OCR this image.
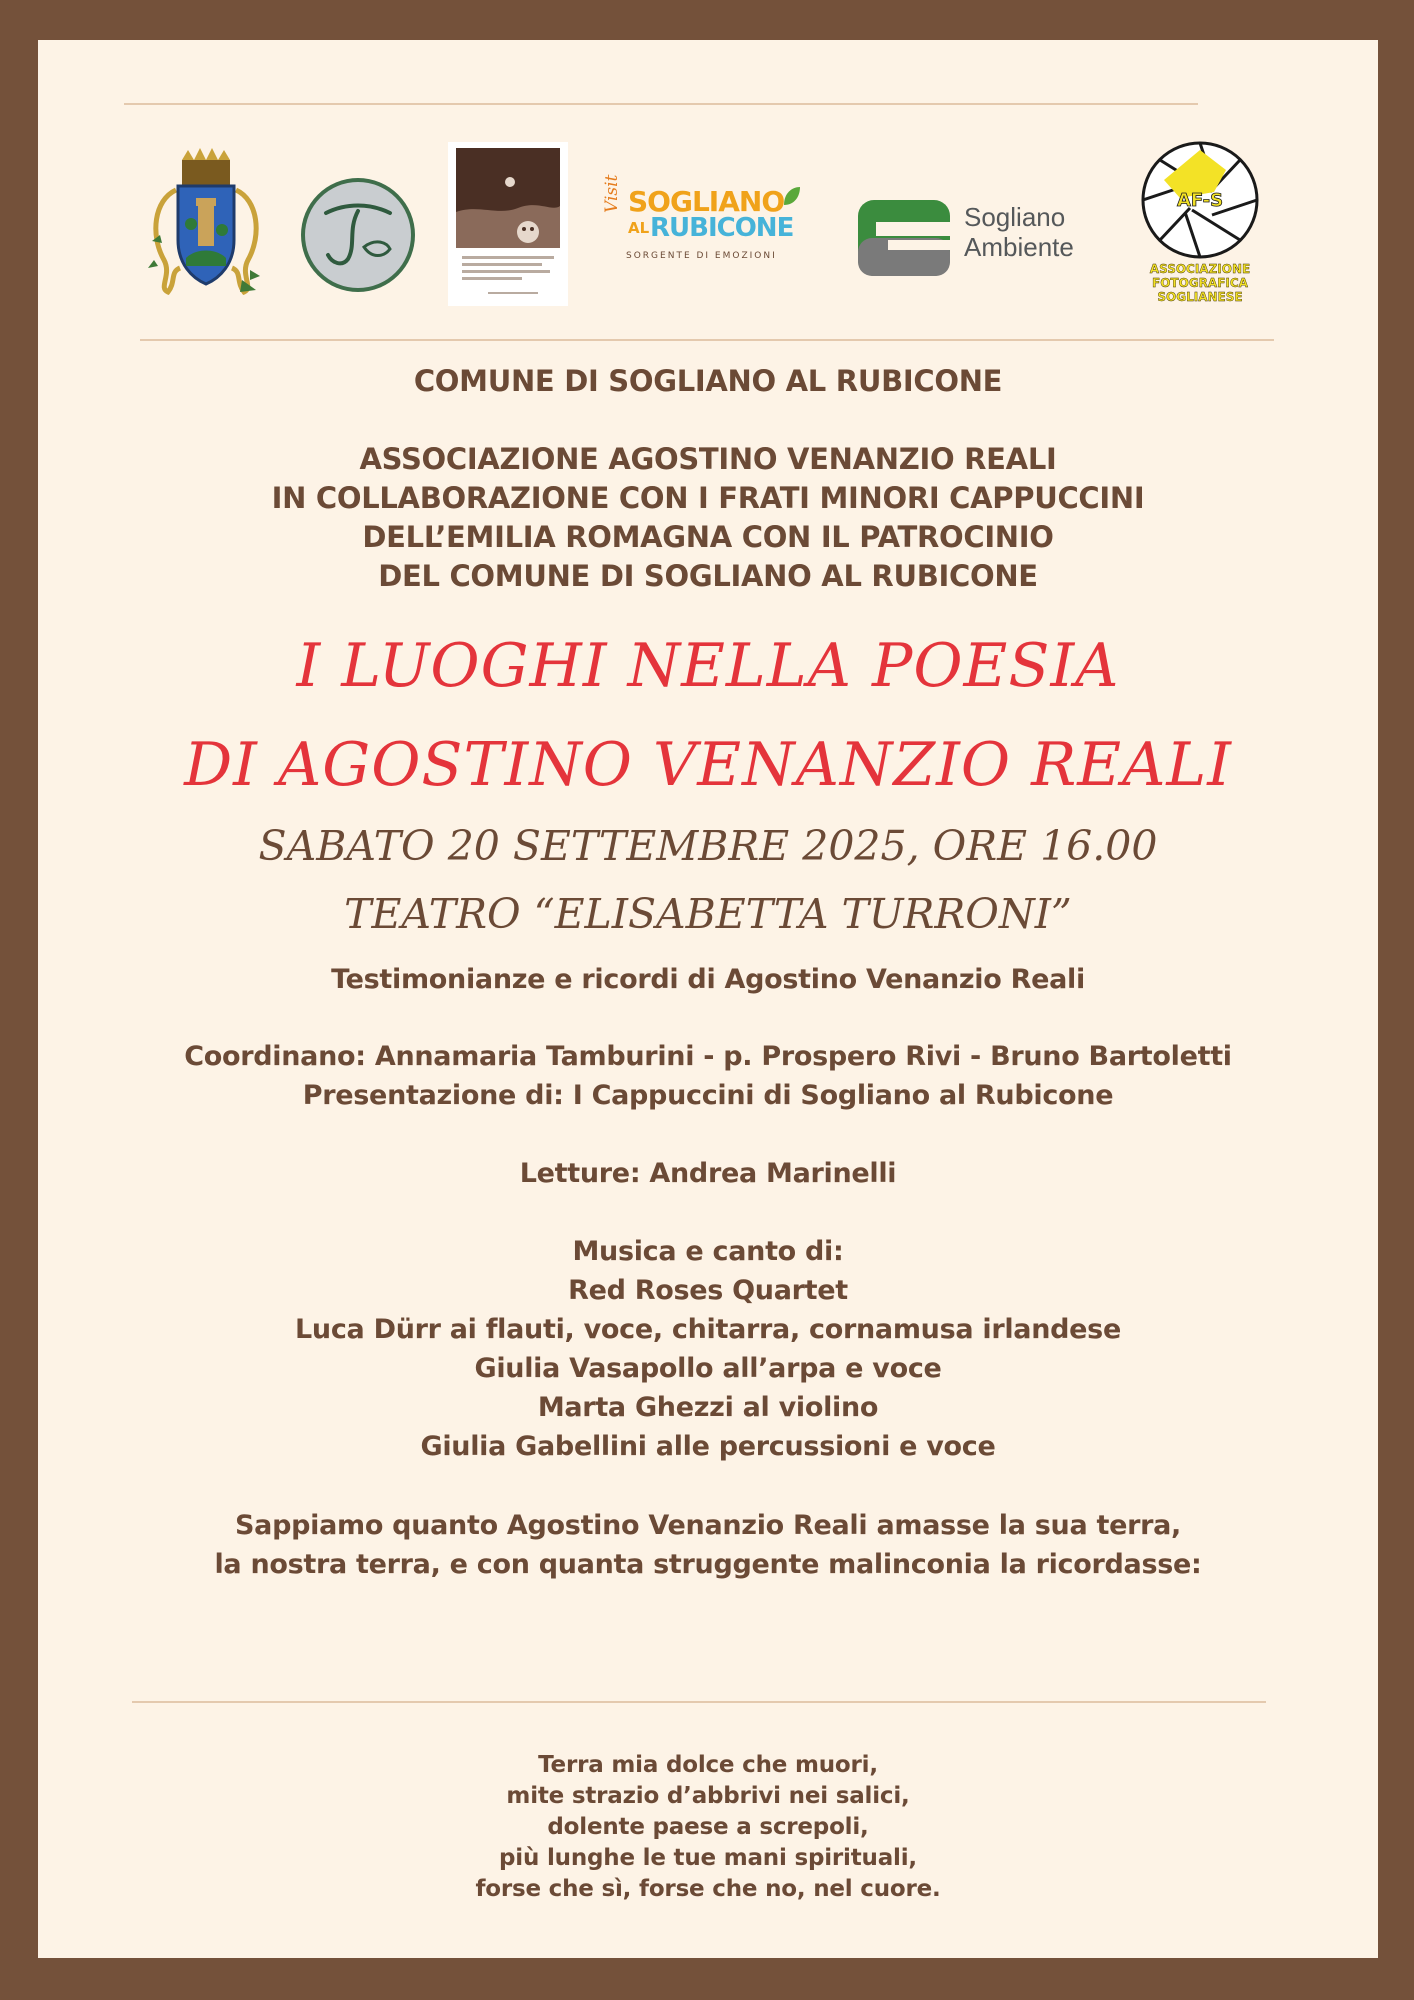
Visit SOGLIANO
AL RUBICONE
SORGENTE DI EMOZIONI
Sogliano
Ambiente
AF-S
ASSOCIAZIONE
FOTOGRAFICA
SOGLIANESE
COMUNE DI SOGLIANO AL RUBICONE
ASSOCIAZIONE AGOSTINO VENANZIO REALI
IN COLLABORAZIONE CON I FRATI MINORI CAPPUCCINI
DELL’EMILIA ROMAGNA CON IL PATROCINIO
DEL COMUNE DI SOGLIANO AL RUBICONE
I LUOGHI NELLA POESIA
DI AGOSTINO VENANZIO REALI
SABATO 20 SETTEMBRE 2025, ORE 16.00
TEATRO “ELISABETTA TURRONI”
Testimonianze e ricordi di Agostino Venanzio Reali
Coordinano: Annamaria Tamburini - p. Prospero Rivi - Bruno Bartoletti
Presentazione di: I Cappuccini di Sogliano al Rubicone
Letture: Andrea Marinelli
Musica e canto di:
Red Roses Quartet
Luca Dürr ai flauti, voce, chitarra, cornamusa irlandese
Giulia Vasapollo all’arpa e voce
Marta Ghezzi al violino
Giulia Gabellini alle percussioni e voce
Sappiamo quanto Agostino Venanzio Reali amasse la sua terra,
la nostra terra, e con quanta struggente malinconia la ricordasse:
Terra mia dolce che muori,
mite strazio d’abbrivi nei salici,
dolente paese a screpoli,
più lunghe le tue mani spirituali,
forse che sì, forse che no, nel cuore.
